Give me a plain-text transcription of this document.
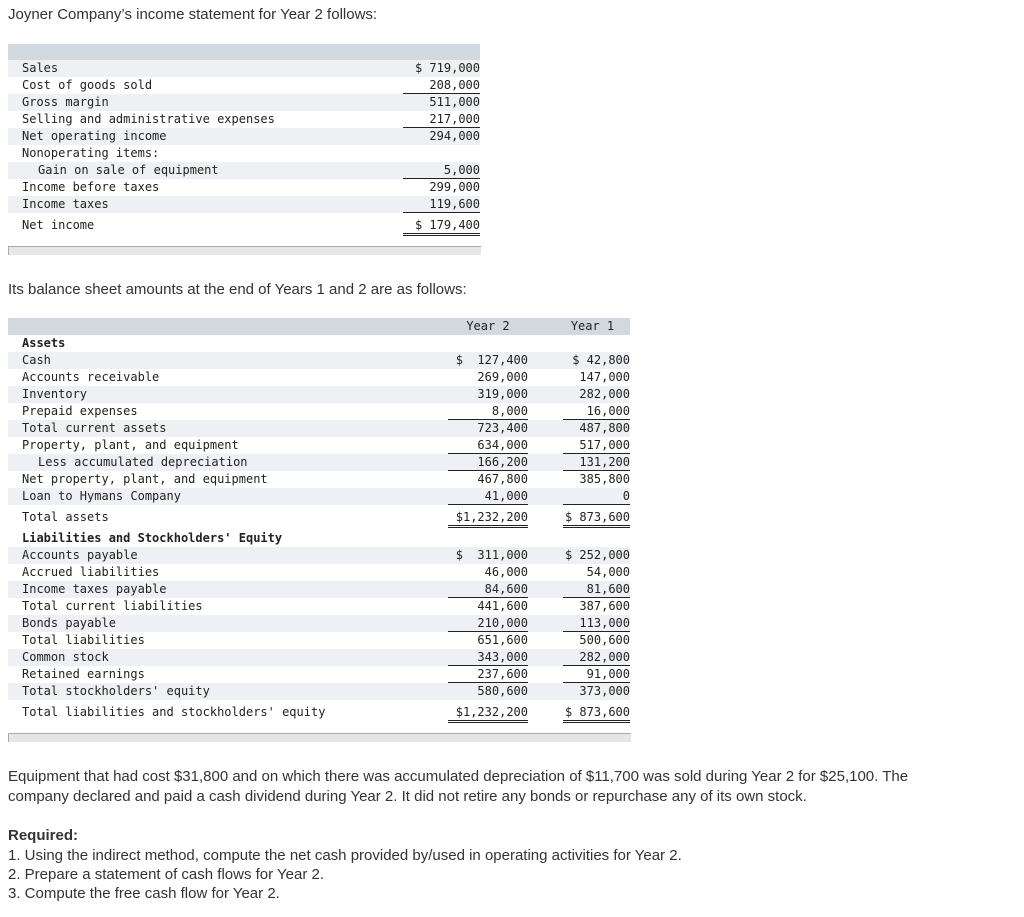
Joyner Company’s income statement for Year 2 follows:
Sales	$ 719,000
Cost of goods sold	208,000
Gross margin	511,000
Selling and administrative expenses	217,000
Net operating income	294,000
Nonoperating items:
Gain on sale of equipment	5,000
Income before taxes	299,000
Income taxes	119,600
Net income	$ 179,400
Its balance sheet amounts at the end of Years 1 and 2 are as follows:
Year 2	Year 1
Assets
Cash	$  127,400	$ 42,800
Accounts receivable	269,000	147,000
Inventory	319,000	282,000
Prepaid expenses	8,000	16,000
Total current assets	723,400	487,800
Property, plant, and equipment	634,000	517,000
Less accumulated depreciation	166,200	131,200
Net property, plant, and equipment	467,800	385,800
Loan to Hymans Company	41,000	0
Total assets	$1,232,200	$ 873,600
Liabilities and Stockholders' Equity
Accounts payable	$  311,000	$ 252,000
Accrued liabilities	46,000	54,000
Income taxes payable	84,600	81,600
Total current liabilities	441,600	387,600
Bonds payable	210,000	113,000
Total liabilities	651,600	500,600
Common stock	343,000	282,000
Retained earnings	237,600	91,000
Total stockholders' equity	580,600	373,000
Total liabilities and stockholders' equity	$1,232,200	$ 873,600
Equipment that had cost $31,800 and on which there was accumulated depreciation of $11,700 was sold during Year 2 for $25,100. The
company declared and paid a cash dividend during Year 2. It did not retire any bonds or repurchase any of its own stock.
Required:
1. Using the indirect method, compute the net cash provided by/used in operating activities for Year 2.
2. Prepare a statement of cash flows for Year 2.
3. Compute the free cash flow for Year 2.
